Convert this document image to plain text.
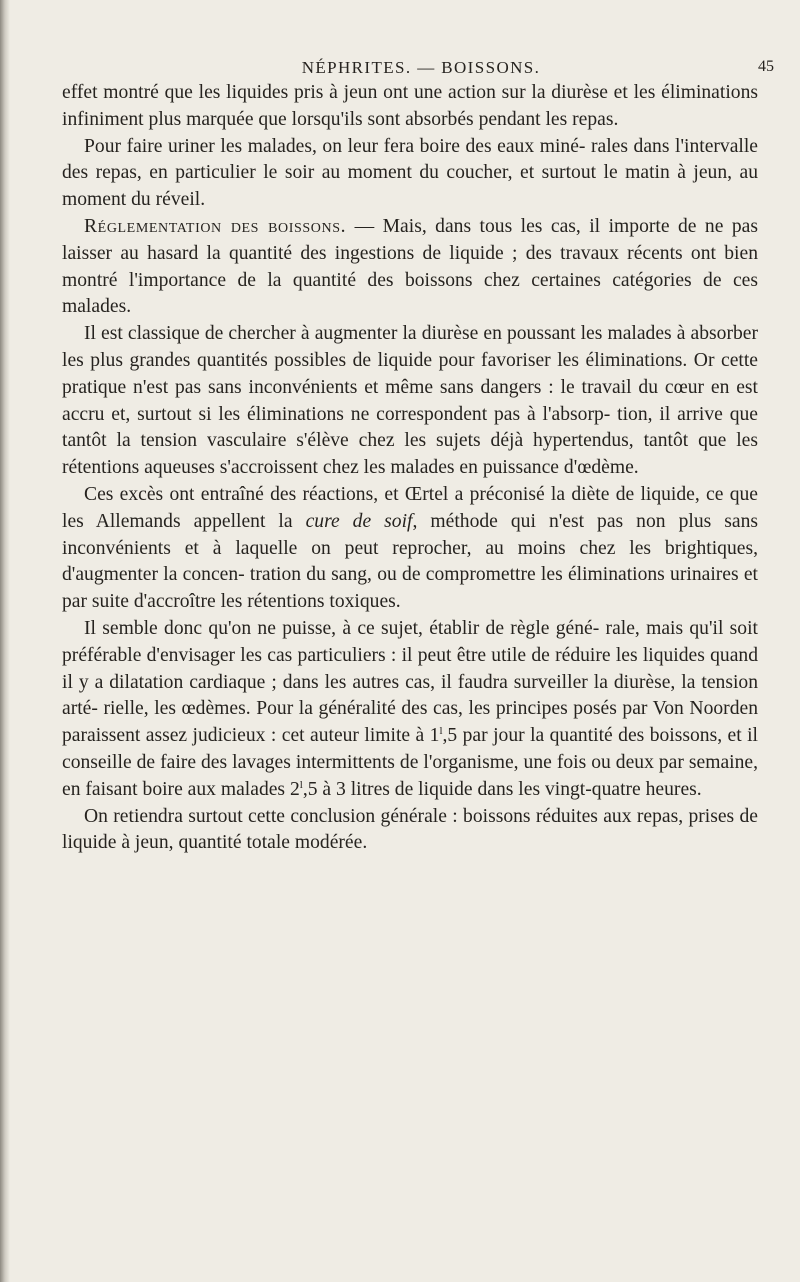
NÉPHRITES. — BOISSONS.	45

effet montré que les liquides pris à jeun ont une action sur la diurèse et les éliminations infiniment plus marquée que lorsqu'ils sont absorbés pendant les repas.

Pour faire uriner les malades, on leur fera boire des eaux miné- rales dans l'intervalle des repas, en particulier le soir au moment du coucher, et surtout le matin à jeun, au moment du réveil.

Réglementation des boissons. — Mais, dans tous les cas, il importe de ne pas laisser au hasard la quantité des ingestions de liquide ; des travaux récents ont bien montré l'importance de la quantité des boissons chez certaines catégories de ces malades.

Il est classique de chercher à augmenter la diurèse en poussant les malades à absorber les plus grandes quantités possibles de liquide pour favoriser les éliminations. Or cette pratique n'est pas sans inconvénients et même sans dangers : le travail du cœur en est accru et, surtout si les éliminations ne correspondent pas à l'absorp- tion, il arrive que tantôt la tension vasculaire s'élève chez les sujets déjà hypertendus, tantôt que les rétentions aqueuses s'accroissent chez les malades en puissance d'œdème.

Ces excès ont entraîné des réactions, et Œrtel a préconisé la diète de liquide, ce que les Allemands appellent la cure de soif, méthode qui n'est pas non plus sans inconvénients et à laquelle on peut reprocher, au moins chez les brightiques, d'augmenter la concen- tration du sang, ou de compromettre les éliminations urinaires et par suite d'accroître les rétentions toxiques.

Il semble donc qu'on ne puisse, à ce sujet, établir de règle géné- rale, mais qu'il soit préférable d'envisager les cas particuliers : il peut être utile de réduire les liquides quand il y a dilatation cardiaque ; dans les autres cas, il faudra surveiller la diurèse, la tension arté- rielle, les œdèmes. Pour la généralité des cas, les principes posés par Von Noorden paraissent assez judicieux : cet auteur limite à 1$^l$,5 par jour la quantité des boissons, et il conseille de faire des lavages intermittents de l'organisme, une fois ou deux par semaine, en faisant boire aux malades 2$^l$,5 à 3 litres de liquide dans les vingt-quatre heures.

On retiendra surtout cette conclusion générale : boissons réduites aux repas, prises de liquide à jeun, quantité totale modérée.
